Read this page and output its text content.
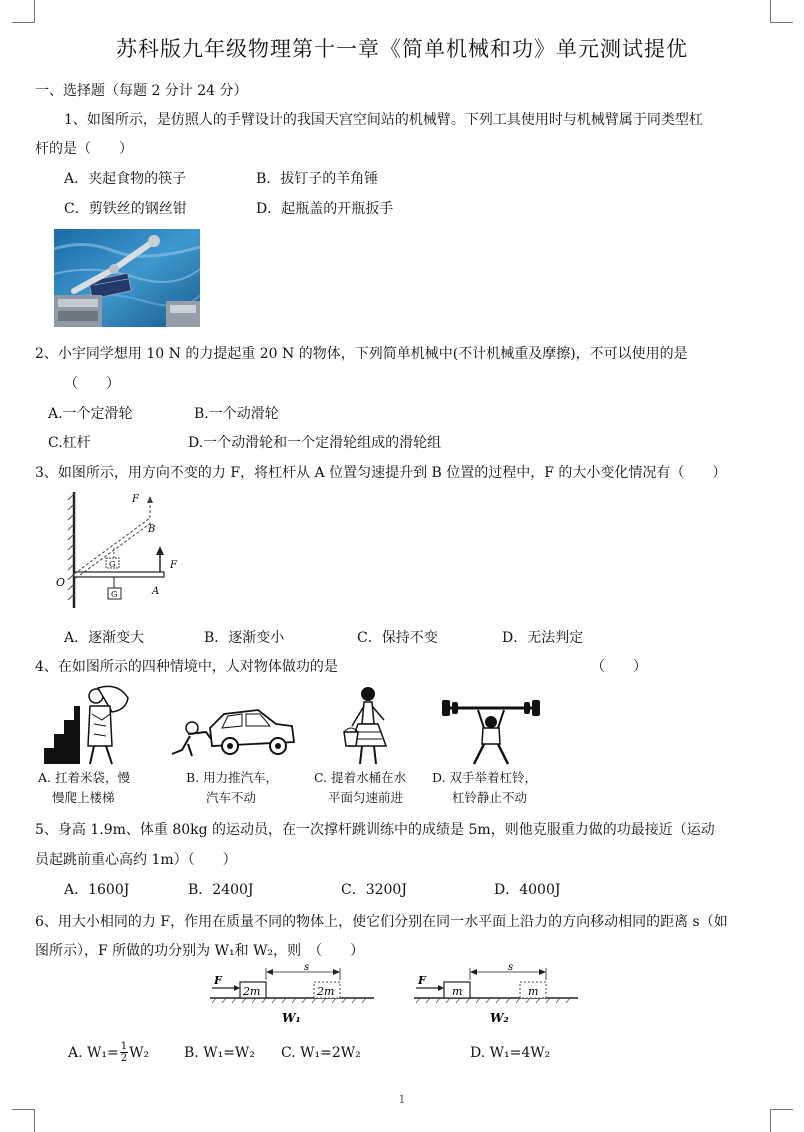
苏科版九年级物理第十一章《简单机械和功》单元测试提优
一、选择题（每题 2 分计 24 分）
1、如图所示，是仿照人的手臂设计的我国天宫空间站的机械臂。下列工具使用时与机械臂属于同类型杠
杆的是（　　）
A．夹起食物的筷子	B．拔钉子的羊角锤
C．剪铁丝的钢丝钳	D．起瓶盖的开瓶扳手
2、小宇同学想用 10 N 的力提起重 20 N 的物体，下列简单机械中(不计机械重及摩擦)，不可以使用的是
（　　）
A.一个定滑轮	B.一个动滑轮
C.杠杆	D.一个动滑轮和一个定滑轮组成的滑轮组
3、如图所示，用方向不变的力 F，将杠杆从 A 位置匀速提升到 B 位置的过程中，F 的大小变化情况有（　　）
F
B
G
O
F
G	A
A．逐渐变大	B．逐渐变小	C．保持不变	D．无法判定
4、在如图所示的四种情境中，人对物体做功的是	（　　）
A. 扛着米袋，慢
慢爬上楼梯
B. 用力推汽车，
汽车不动
C. 提着水桶在水
平面匀速前进
D. 双手举着杠铃，
杠铃静止不动
5、身高 1.9m、体重 80kg 的运动员，在一次撑杆跳训练中的成绩是 5m，则他克服重力做的功最接近（运动
员起跳前重心高约 1m）（　　）
A．1600J	B．2400J	C．3200J	D．4000J
6、用大小相同的力 F，作用在质量不同的物体上，使它们分别在同一水平面上沿力的方向移动相同的距离 s（如
图所示），F 所做的功分别为 W₁和 W₂，则　（　　）
F
s
2m	2m
W₁
F
s
m	m
W₂
A. $W_1= \frac{1}{2} W_2$ B. W₁=W₂ C. W₁=2W₂	D. W₁=4W₂
1
